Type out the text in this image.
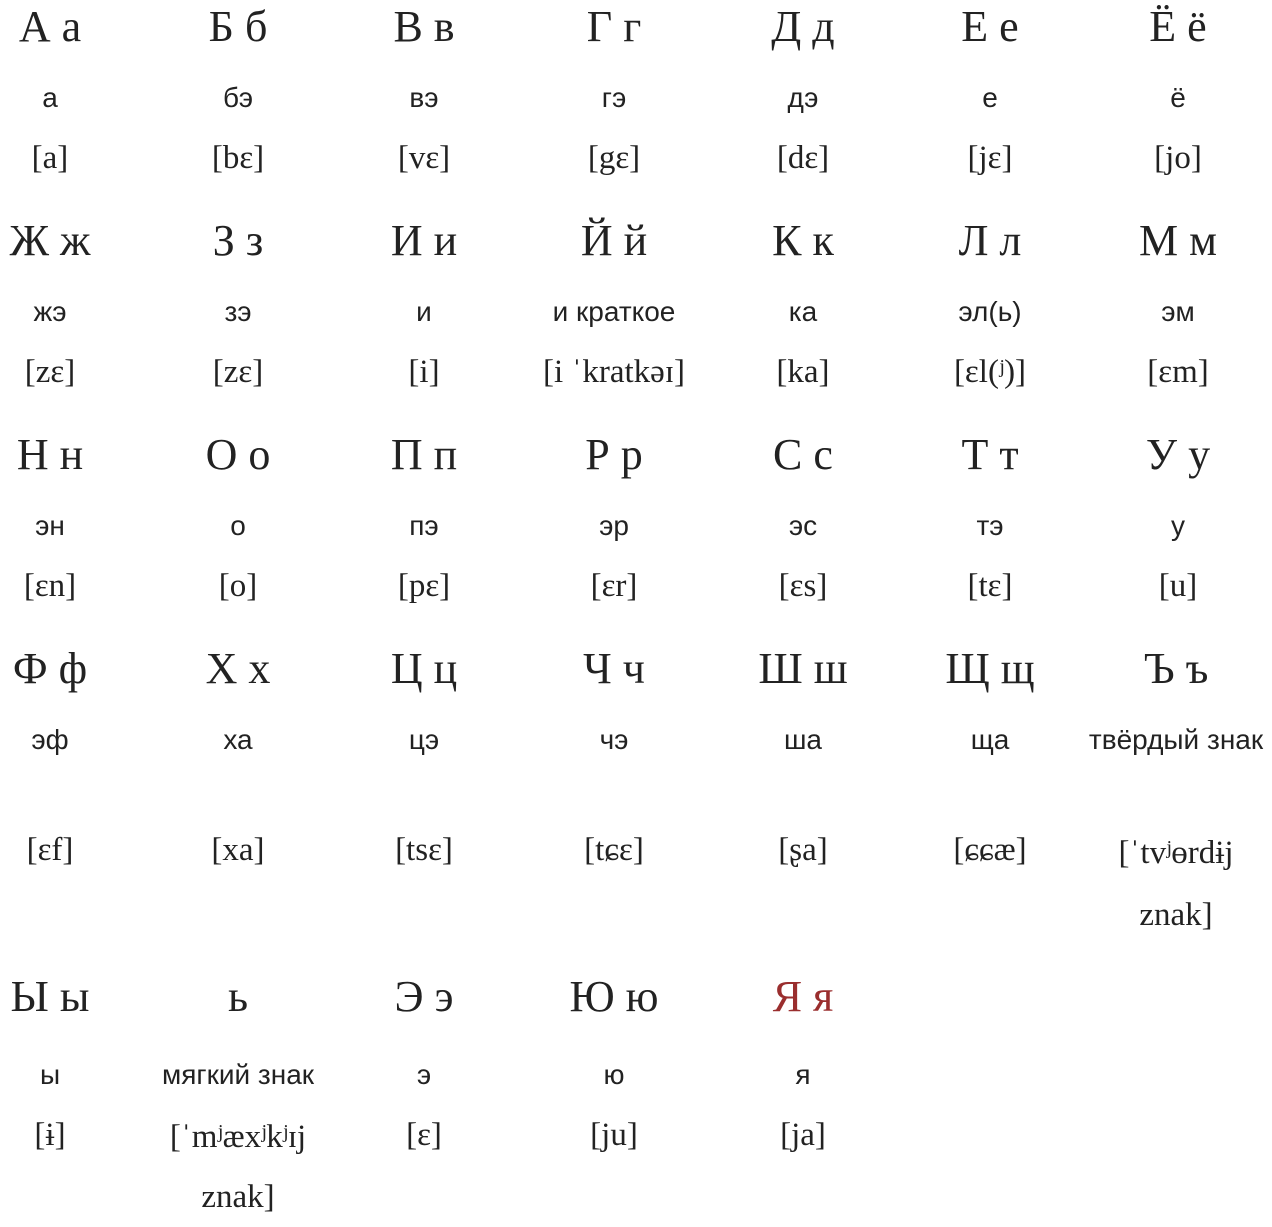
А а
а
[a]
Б б
бэ
[bɛ]
В в
вэ
[vɛ]
Г г
гэ
[gɛ]
Д д
дэ
[dɛ]
Е е
е
[jɛ]
Ё ё
ё
[jo]
Ж ж
жэ
[zɛ]
З з
зэ
[zɛ]
И и
и
[i]
Й й
и краткое
[i ˈkratkəɪ]
К к
ка
[ka]
Л л
эл(ь)
[ɛl(ʲ)]
М м
эм
[ɛm]
Н н
эн
[ɛn]
О о
о
[o]
П п
пэ
[pɛ]
Р р
эр
[ɛr]
С с
эс
[ɛs]
Т т
тэ
[tɛ]
У у
у
[u]
Ф ф
эф
[ɛf]
Х х
ха
[xa]
Ц ц
цэ
[tsɛ]
Ч ч
чэ
[tɕɛ]
Ш ш
ша
[ʂa]
Щ щ
ща
[ɕɕæ]
Ъ ъ
твёрдый знак
[ˈtvʲɵrdɨj znak]
Ы ы
ы
[ɨ]
ь
мягкий знак
[ˈmʲæxʲkʲɪj znak]
Э э
э
[ɛ]
Ю ю
ю
[ju]
Я я
я
[ja]
